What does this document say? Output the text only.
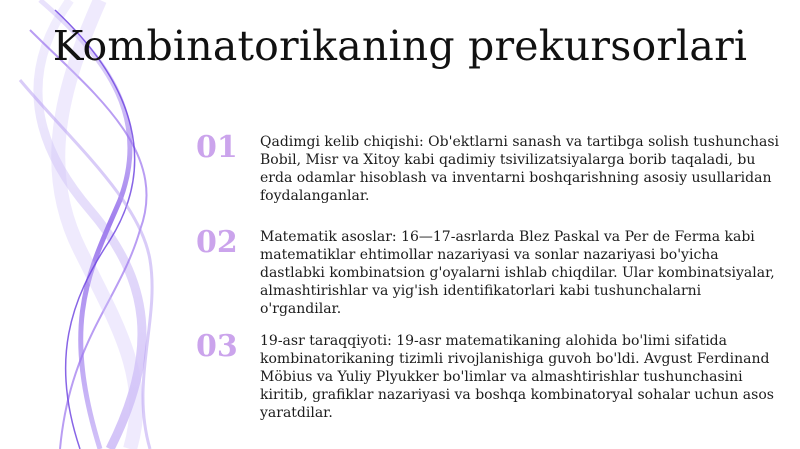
Kombinatorikaning prekursorlari
01	Qadimgi kelib chiqishi: Ob'ektlarni sanash va tartibga solish tushunchasi Bobil, Misr va Xitoy kabi qadimiy tsivilizatsiyalarga borib taqaladi, bu erda odamlar hisoblash va inventarni boshqarishning asosiy usullaridan foydalanganlar.
02	Matematik asoslar: 16—17-asrlarda Blez Paskal va Per de Ferma kabi matematiklar ehtimollar nazariyasi va sonlar nazariyasi bo'yicha dastlabki kombinatsion g'oyalarni ishlab chiqdilar. Ular kombinatsiyalar, almashtirishlar va yig'ish identifikatorlari kabi tushunchalarni o'rgandilar.
03	19-asr taraqqiyoti: 19-asr matematikaning alohida bo'limi sifatida kombinatorikaning tizimli rivojlanishiga guvoh bo'ldi. Avgust Ferdinand Möbius va Yuliy Plyukker bo'limlar va almashtirishlar tushunchasini kiritib, grafiklar nazariyasi va boshqa kombinatoryal sohalar uchun asos yaratdilar.
